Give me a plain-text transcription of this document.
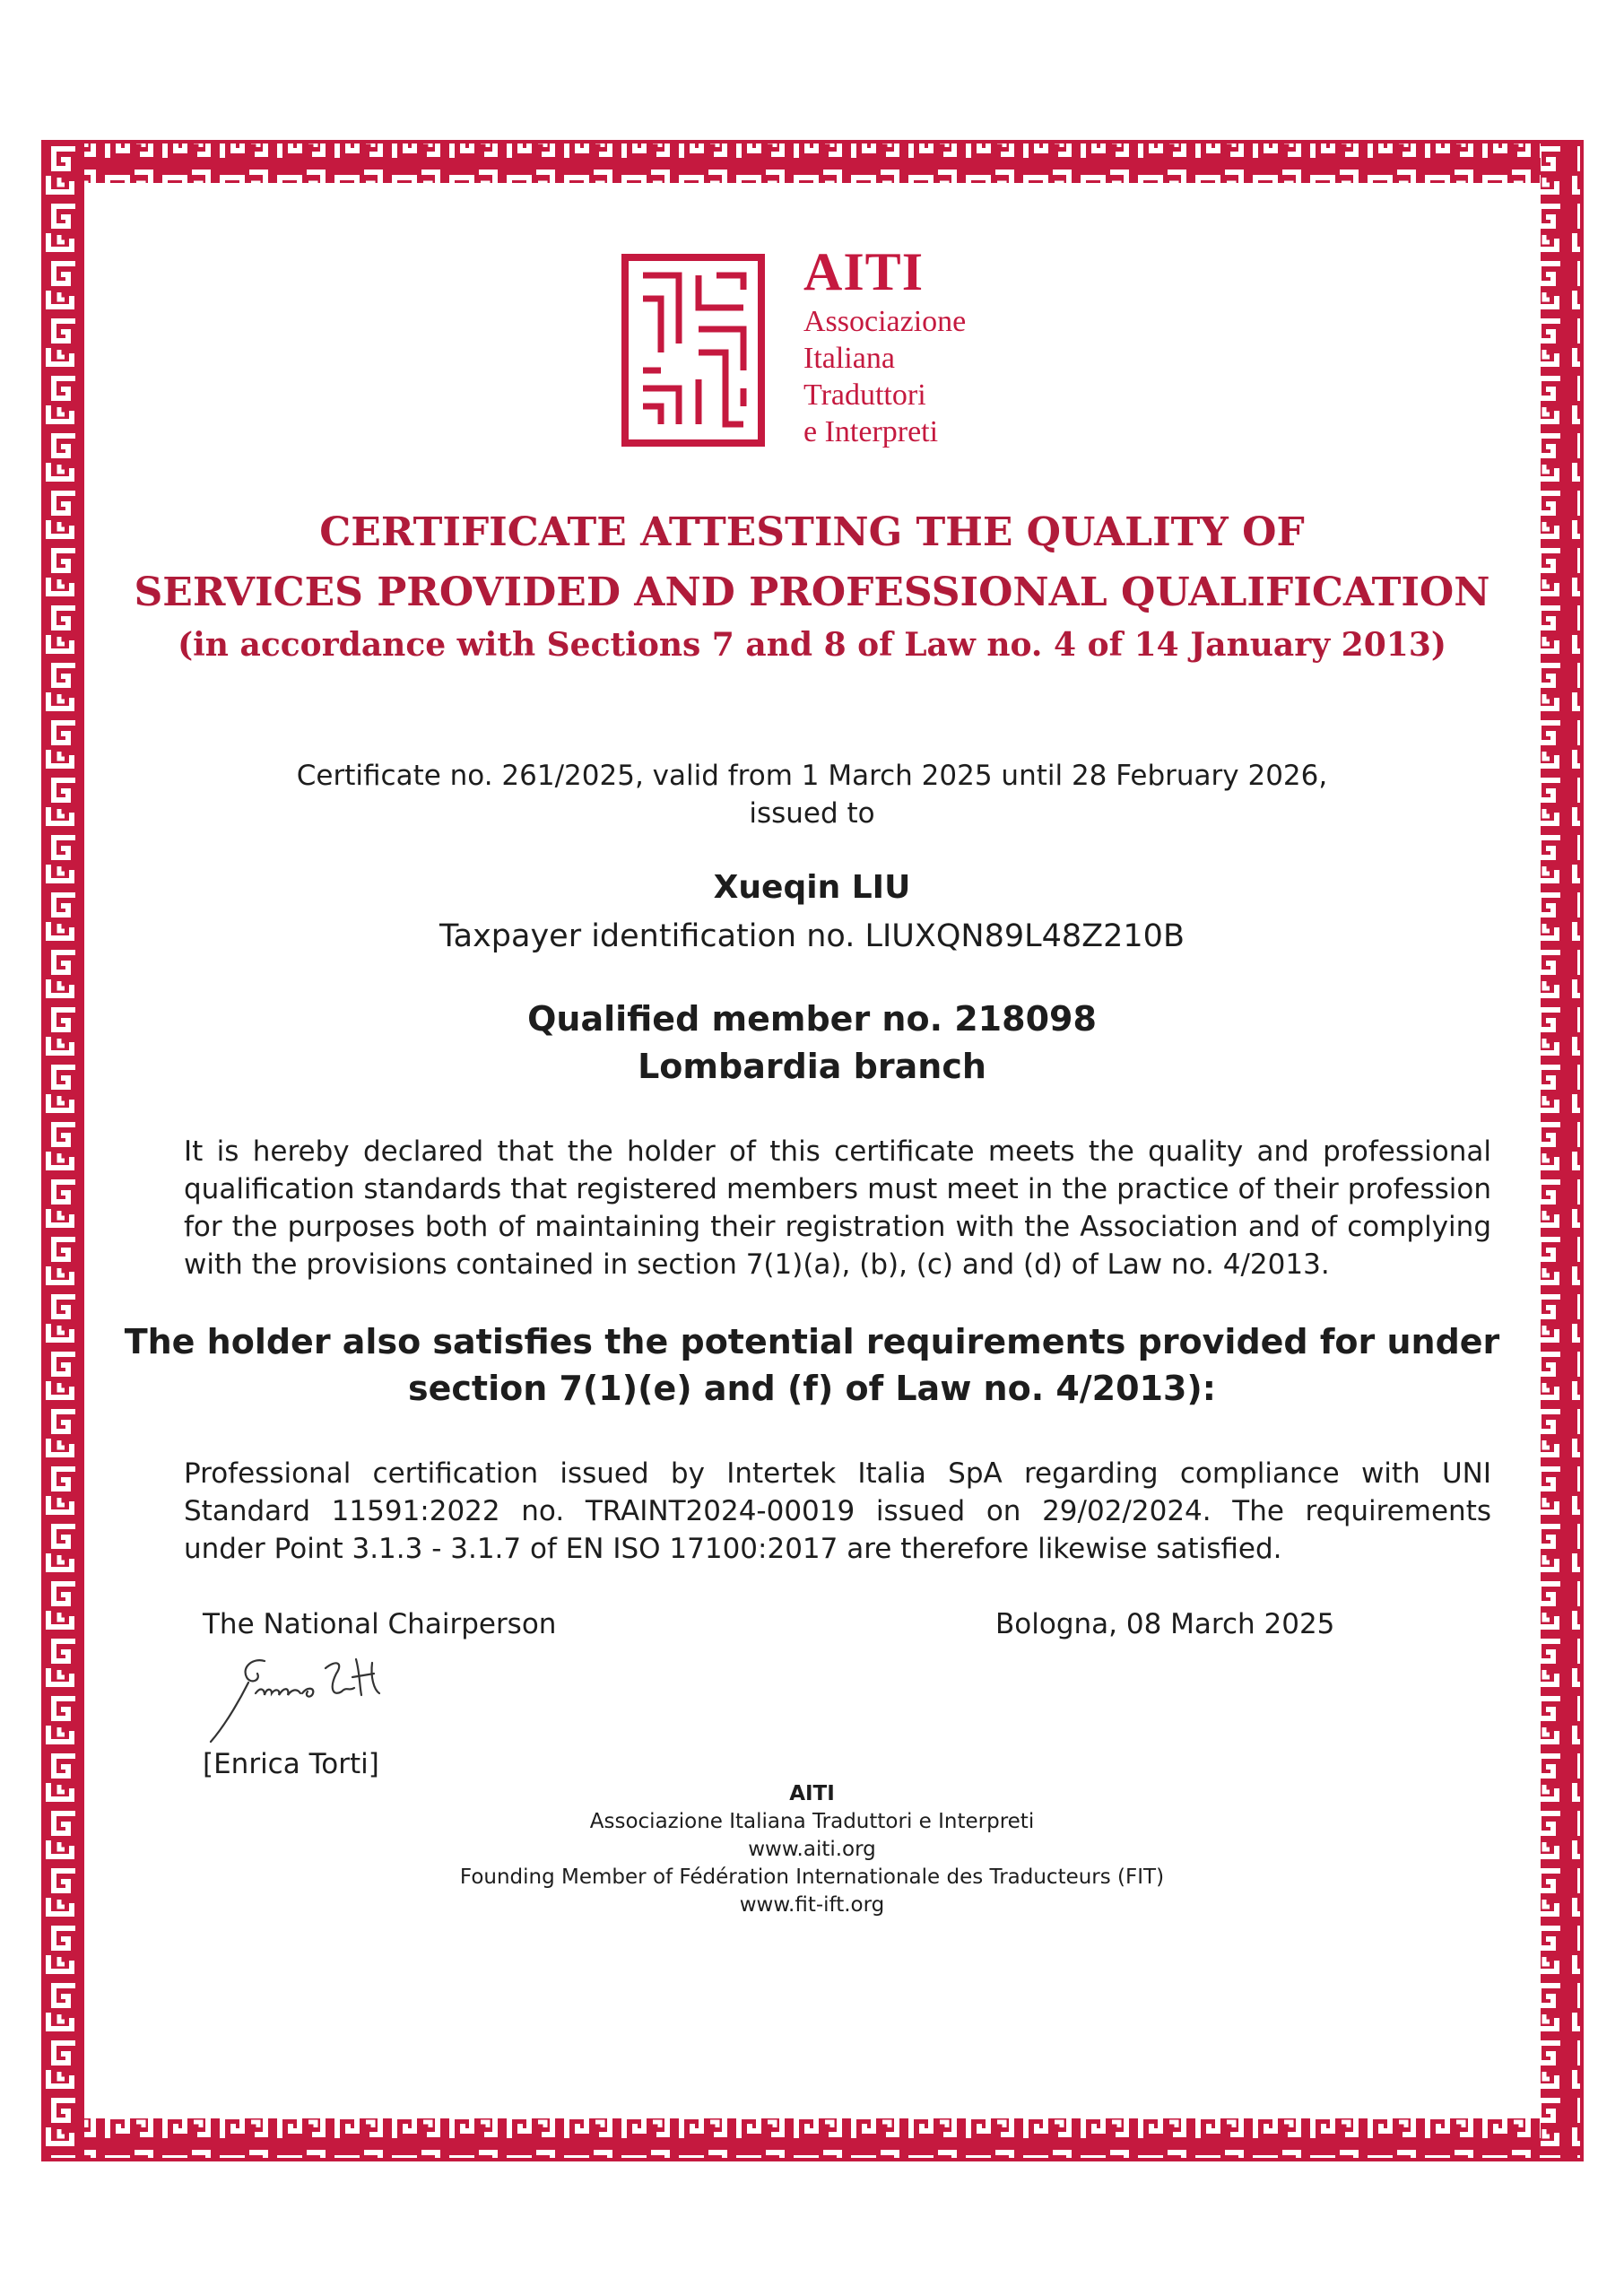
AITI
Associazione
Italiana
Traduttori
e Interpreti
CERTIFICATE ATTESTING THE QUALITY OF
SERVICES PROVIDED AND PROFESSIONAL QUALIFICATION
(in accordance with Sections 7 and 8 of Law no. 4 of 14 January 2013)
Certificate no. 261/2025, valid from 1 March 2025 until 28 February 2026,
issued to
Xueqin LIU
Taxpayer identification no. LIUXQN89L48Z210B
Qualified member no. 218098
Lombardia branch
It is hereby declared that the holder of this certificate meets the quality and professional
qualification standards that registered members must meet in the practice of their profession
for the purposes both of maintaining their registration with the Association and of complying
with the provisions contained in section 7(1)(a), (b), (c) and (d) of Law no. 4/2013.
The holder also satisfies the potential requirements provided for under
section 7(1)(e) and (f) of Law no. 4/2013):
Professional certification issued by Intertek Italia SpA regarding compliance with UNI
Standard 11591:2022 no. TRAINT2024-00019 issued on 29/02/2024. The requirements
under Point 3.1.3 - 3.1.7 of EN ISO 17100:2017 are therefore likewise satisfied.
The National Chairperson	Bologna, 08 March 2025
[Enrica Torti]
AITI
Associazione Italiana Traduttori e Interpreti
www.aiti.org
Founding Member of Fédération Internationale des Traducteurs (FIT)
www.fit-ift.org
